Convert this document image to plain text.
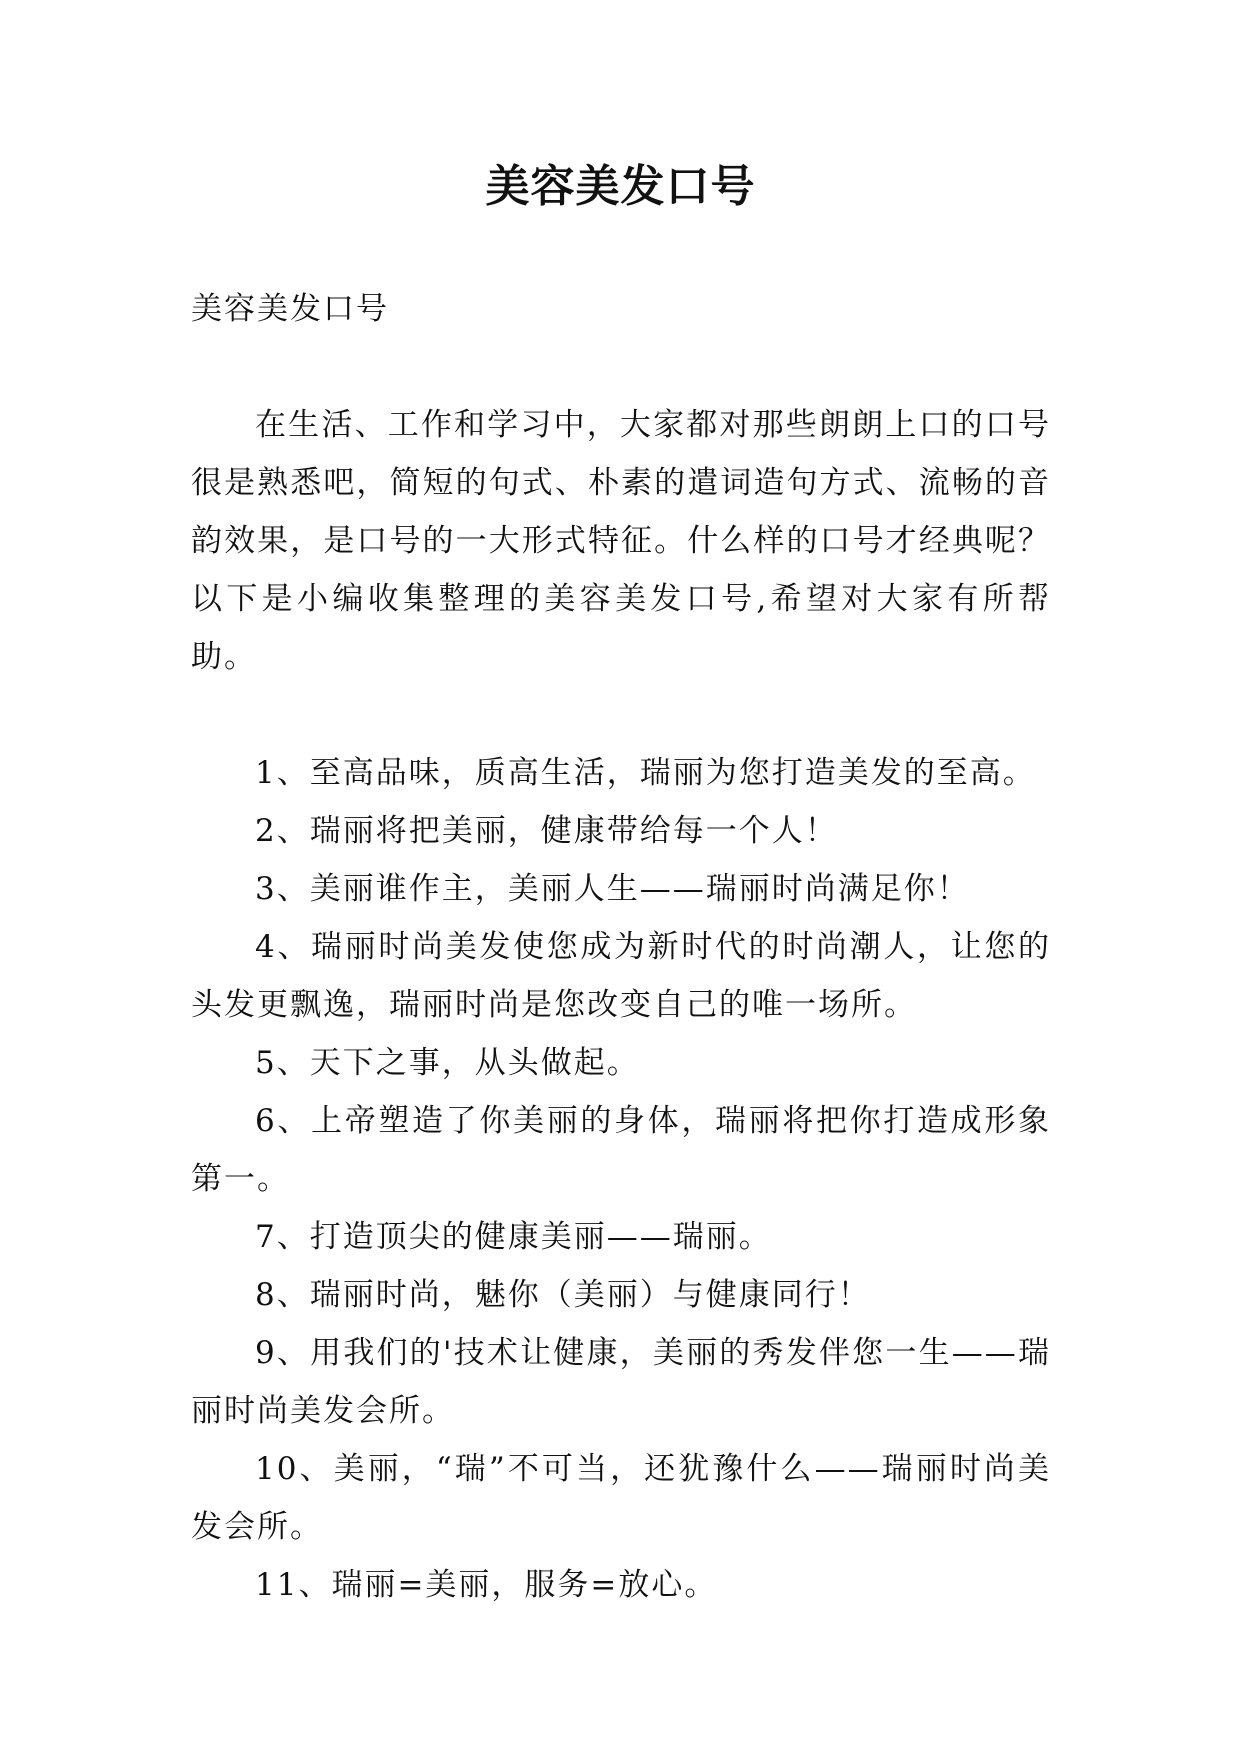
美容美发口号

美容美发口号

在生活、工作和学习中，大家都对那些朗朗上口的口号很是熟悉吧，简短的句式、朴素的遣词造句方式、流畅的音韵效果，是口号的一大形式特征。什么样的口号才经典呢？以下是小编收集整理的美容美发口号,希望对大家有所帮助。

1、至高品味，质高生活，瑞丽为您打造美发的至高。

2、瑞丽将把美丽，健康带给每一个人！

3、美丽谁作主，美丽人生——瑞丽时尚满足你！

4、瑞丽时尚美发使您成为新时代的时尚潮人，让您的头发更飘逸，瑞丽时尚是您改变自己的唯一场所。

5、天下之事，从头做起。

6、上帝塑造了你美丽的身体，瑞丽将把你打造成形象第一。

7、打造顶尖的健康美丽——瑞丽。

8、瑞丽时尚，魅你（美丽）与健康同行！

9、用我们的'技术让健康，美丽的秀发伴您一生——瑞丽时尚美发会所。

10、美丽，“瑞”不可当，还犹豫什么——瑞丽时尚美发会所。

11、瑞丽=美丽，服务=放心。
